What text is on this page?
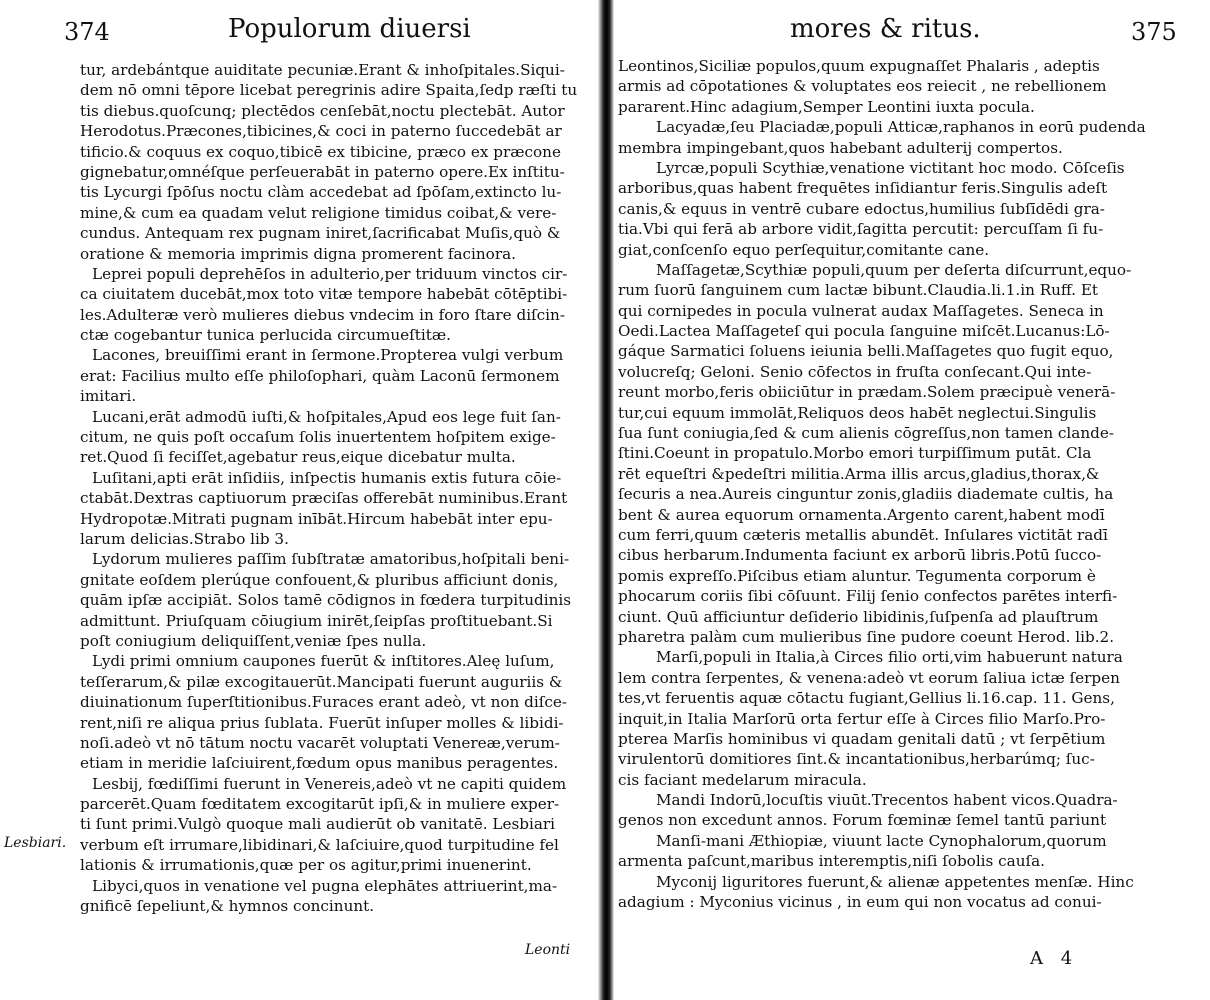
374	Populorum diuersi
tur, ardebántque auiditate pecuniæ.Erant & inhoſpitales.Siqui-
dem nō omni tēpore licebat peregrinis adire Spaita,ſedp ræſti tu
tis diebus.quoſcunq; plectēdos cenſebāt,noctu plectebāt. Autor
Herodotus.Præcones,tibicines,& coci in paterno ſuccedebāt ar
tificio.& coquus ex coquo,tibicē ex tibicine, præco ex præcone
gignebatur,omnéſque perſeuerabāt in paterno opere.Ex inſtitu-
tis Lycurgi ſpōſus noctu clàm accedebat ad ſpōſam,extincto lu-
mine,& cum ea quadam velut religione timidus coibat,& vere-
cundus. Antequam rex pugnam iniret,ſacrificabat Muſis,quò &
oratione & memoria imprimis digna promerent facinora.
Leprei populi deprehēſos in adulterio,per triduum vinctos cir-
ca ciuitatem ducebāt,mox toto vitæ tempore habebāt cōtēptibi-
les.Adulteræ verò mulieres diebus vndecim in foro ſtare diſcin-
ctæ cogebantur tunica perlucida circumueſtitæ.
Lacones, breuiſſimi erant in ſermone.Propterea vulgi verbum
erat: Facilius multo eſſe philoſophari, quàm Laconū ſermonem
imitari.
Lucani,erāt admodū iuſti,& hoſpitales,Apud eos lege fuit ſan-
citum, ne quis poſt occaſum ſolis inuertentem hoſpitem exige-
ret.Quod ſi feciſſet,agebatur reus,eique dicebatur multa.
Luſitani,apti erāt inſidiis, inſpectis humanis extis futura cōie-
ctabāt.Dextras captiuorum præciſas offerebāt numinibus.Erant
Hydropotæ.Mitrati pugnam inībāt.Hircum habebāt inter epu-
larum delicias.Strabo lib 3.
Lydorum mulieres paſſim ſubſtratæ amatoribus,hoſpitali beni-
gnitate eoſdem plerúque confouent,& pluribus afficiunt donis,
quām ipſæ accipiāt. Solos tamē cōdignos in fœdera turpitudinis
admittunt. Priuſquam cōiugium inirēt,ſeipſas proſtituebant.Si
poſt coniugium deliquiſſent,veniæ ſpes nulla.
Lydi primi omnium caupones fuerūt & inſtitores.Aleę luſum,
teſſerarum,& pilæ excogitauerūt.Mancipati fuerunt auguriis &
diuinationum ſuperſtitionibus.Furaces erant adeò, vt non diſce-
rent,niſi re aliqua prius ſublata. Fuerūt inſuper molles & libidi-
noſi.adeò vt nō tātum noctu vacarēt voluptati Venereæ,verum-
etiam in meridie laſciuirent,fœdum opus manibus peragentes.
Lesbij, fœdiſſimi fuerunt in Venereis,adeò vt ne capiti quidem
parcerēt.Quam fœditatem excogitarūt ipſi,& in muliere exper-
ti ſunt primi.Vulgò quoque mali audierūt ob vanitatē. Lesbiari
verbum eſt irrumare,libidinari,& laſciuire,quod turpitudine fel
lationis & irrumationis,quæ per os agitur,primi inuenerint.
Libyci,quos in venatione vel pugna elephātes attriuerint,ma-
gnificē ſepeliunt,& hymnos concinunt.
Lesbiari.
Leonti
mores & ritus.	375
Leontinos,Siciliæ populos,quum expugnaſſet Phalaris , adeptis
armis ad cōpotationes & voluptates eos reiecit , ne rebellionem
pararent.Hinc adagium,Semper Leontini iuxta pocula.
Lacyadæ,ſeu Placiadæ,populi Atticæ,raphanos in eorū pudenda
membra impingebant,quos habebant adulterij compertos.
Lyrcæ,populi Scythiæ,venatione victitant hoc modo. Cōſceſis
arboribus,quas habent frequētes inſidiantur feris.Singulis adeſt
canis,& equus in ventrē cubare edoctus,humilius ſubſīdēdi gra-
tia.Vbi qui ferā ab arbore vidit,ſagitta percutit: percuſſam ſi fu-
giat,conſcenſo equo perſequitur,comitante cane.
Maſſagetæ,Scythiæ populi,quum per deſerta diſcurrunt,equo-
rum ſuorū ſanguinem cum lactæ bibunt.Claudia.li.1.in Ruff. Et
qui cornipedes in pocula vulnerat audax Maſſagetes. Seneca in
Oedi.Lactea Maſſageteſ qui pocula ſanguine miſcēt.Lucanus:Lō-
gáque Sarmatici ſoluens ieiunia belli.Maſſagetes quo fugit equo,
volucreſq; Geloni. Senio cōfectos in fruſta conſecant.Qui inte-
reunt morbo,feris obiiciūtur in prædam.Solem præcipuè venerā-
tur,cui equum immolāt,Reliquos deos habēt neglectui.Singulis
ſua ſunt coniugia,ſed & cum alienis cōgreſſus,non tamen clande-
ſtini.Coeunt in propatulo.Morbo emori turpiſſimum putāt. Cla
rēt equeſtri &pedeſtri militia.Arma illis arcus,gladius,thorax,&
ſecuris a nea.Aureis cinguntur zonis,gladiis diademate cultis, ha
bent & aurea equorum ornamenta.Argento carent,habent modī
cum ferri,quum cæteris metallis abundēt. Inſulares victitāt radī
cibus herbarum.Indumenta faciunt ex arborū libris.Potū ſucco-
pomis expreſſo.Piſcibus etiam aluntur. Tegumenta corporum è
phocarum coriis ſibi cōſuunt. Filij ſenio confectos parētes interfi-
ciunt. Quū afficiuntur deſiderio libidinis,ſuſpenſa ad plauſtrum
pharetra palàm cum mulieribus ſine pudore coeunt Herod. lib.2.
Marſi,populi in Italia,à Circes filio orti,vim habuerunt natura
lem contra ſerpentes, & venena:adeò vt eorum ſaliua ictæ ſerpen
tes,vt feruentis aquæ cōtactu fugiant,Gellius li.16.cap. 11. Gens,
inquit,in Italia Marſorū orta fertur eſſe à Circes filio Marſo.Pro-
pterea Marſis hominibus vi quadam genitali datū ; vt ſerpētium
virulentorū domitiores ſint.& incantationibus,herbarúmq; ſuc-
cis faciant medelarum miracula.
Mandi Indorū,locuſtis viuūt.Trecentos habent vicos.Quadra-
genos non excedunt annos. Forum fœminæ ſemel tantū pariunt
Manſi-mani Æthiopiæ, viuunt lacte Cynophalorum,quorum
armenta paſcunt,maribus interemptis,niſi ſobolis cauſa.
Myconij liguritores fuerunt,& alienæ appetentes menſæ. Hinc
adagium : Myconius vicinus , in eum qui non vocatus ad conui-
A 4
